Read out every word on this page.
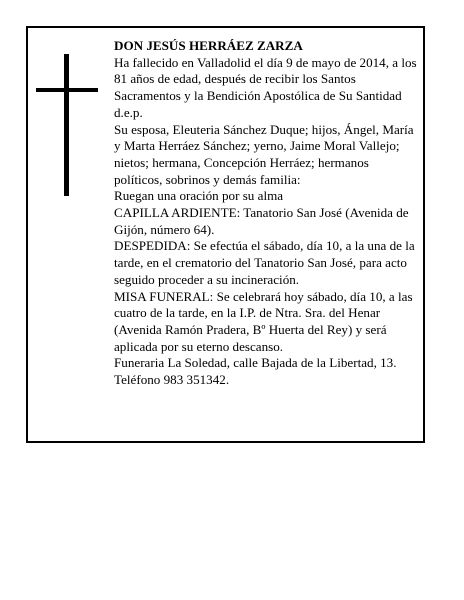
DON JESÚS HERRÁEZ ZARZA

Ha fallecido en Valladolid el día 9 de mayo de 2014, a los 81 años de edad, después de recibir los Santos Sacramentos y la Bendición Apostólica de Su Santidad

d.e.p.

Su esposa, Eleuteria Sánchez Duque; hijos, Ángel, María y Marta Herráez Sánchez; yerno, Jaime Moral Vallejo; nietos; hermana, Concepción Herráez; hermanos políticos, sobrinos y demás familia:

Ruegan una oración por su alma

CAPILLA ARDIENTE: Tanatorio San José (Avenida de Gijón, número 64).

DESPEDIDA: Se efectúa el sábado, día 10, a la una de la tarde, en el crematorio del Tanatorio San José, para acto seguido proceder a su incineración.

MISA FUNERAL: Se celebrará hoy sábado, día 10, a las cuatro de la tarde, en la I.P. de Ntra. Sra. del Henar (Avenida Ramón Pradera, Bº Huerta del Rey) y será aplicada por su eterno descanso.

Funeraria La Soledad, calle Bajada de la Libertad, 13. Teléfono 983 351342.
